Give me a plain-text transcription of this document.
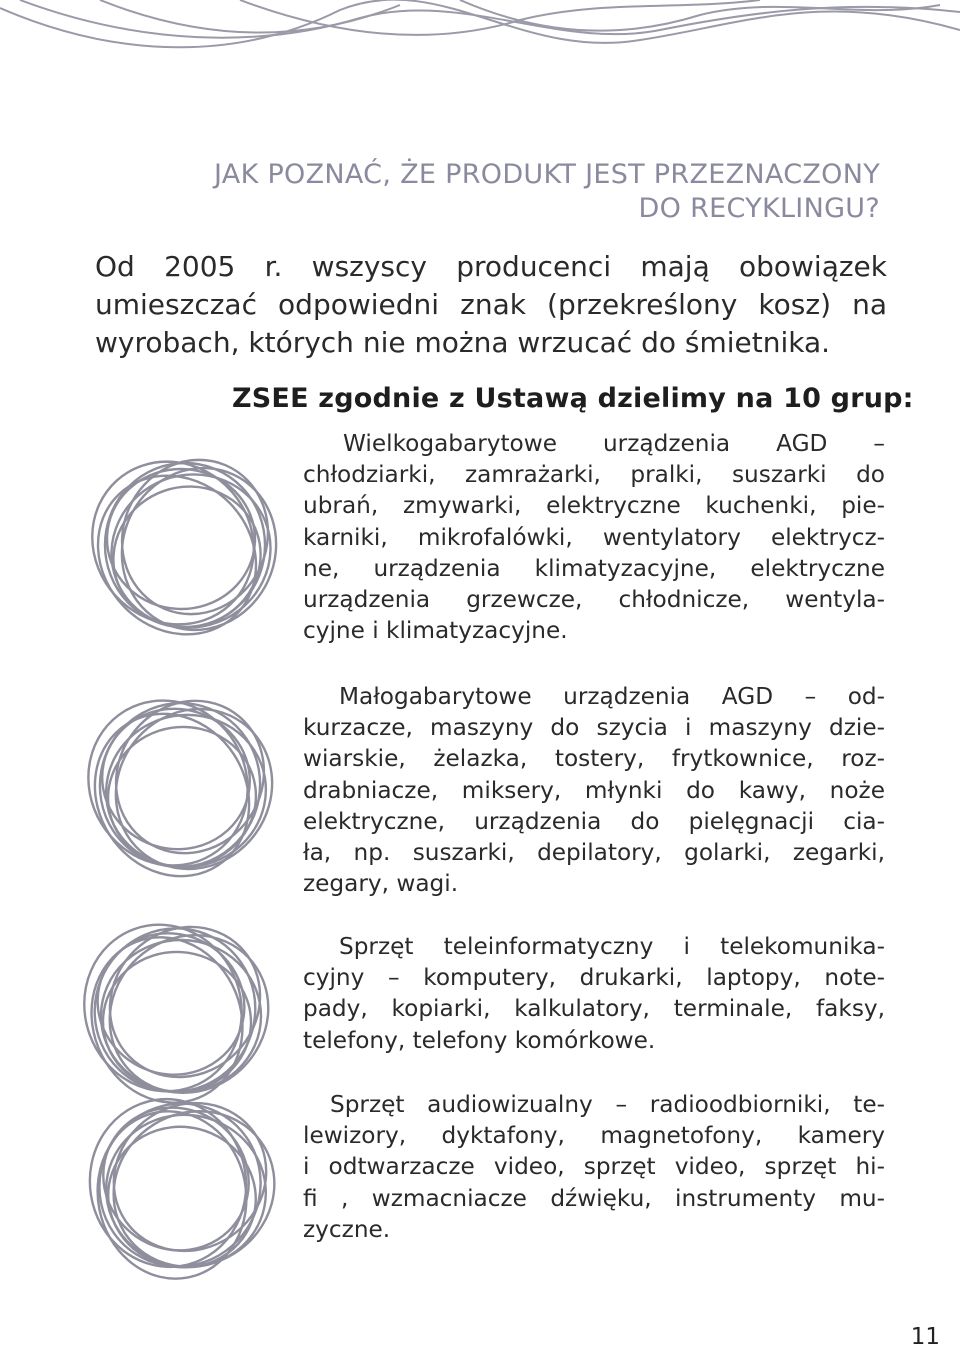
JAK POZNAĆ, ŻE PRODUKT JEST PRZEZNACZONY
DO RECYKLINGU?
Od 2005 r. wszyscy producenci mają obowiązek umieszczać odpowiedni znak (przekreślony kosz) na wyrobach, których nie można wrzucać do śmietnika.
ZSEE zgodnie z Ustawą dzielimy na 10 grup:
Wielkogabarytowe urządzenia AGD –
chłodziarki, zamrażarki, pralki, suszarki do
ubrań, zmywarki, elektryczne kuchenki, pie-
karniki, mikrofalówki, wentylatory elektrycz-
ne, urządzenia klimatyzacyjne, elektryczne
urządzenia grzewcze, chłodnicze, wentyla-
cyjne i klimatyzacyjne.
Małogabarytowe urządzenia AGD – od-
kurzacze, maszyny do szycia i maszyny dzie-
wiarskie, żelazka, tostery, frytkownice, roz-
drabniacze, miksery, młynki do kawy, noże
elektryczne, urządzenia do pielęgnacji cia-
ła, np. suszarki, depilatory, golarki, zegarki,
zegary, wagi.
Sprzęt teleinformatyczny i telekomunika-
cyjny – komputery, drukarki, laptopy, note-
pady, kopiarki, kalkulatory, terminale, faksy,
telefony, telefony komórkowe.
Sprzęt audiowizualny – radioodbiorniki, te-
lewizory, dyktafony, magnetofony, kamery
i odtwarzacze video, sprzęt video, sprzęt hi-
fi , wzmacniacze dźwięku, instrumenty mu-
zyczne.
11
